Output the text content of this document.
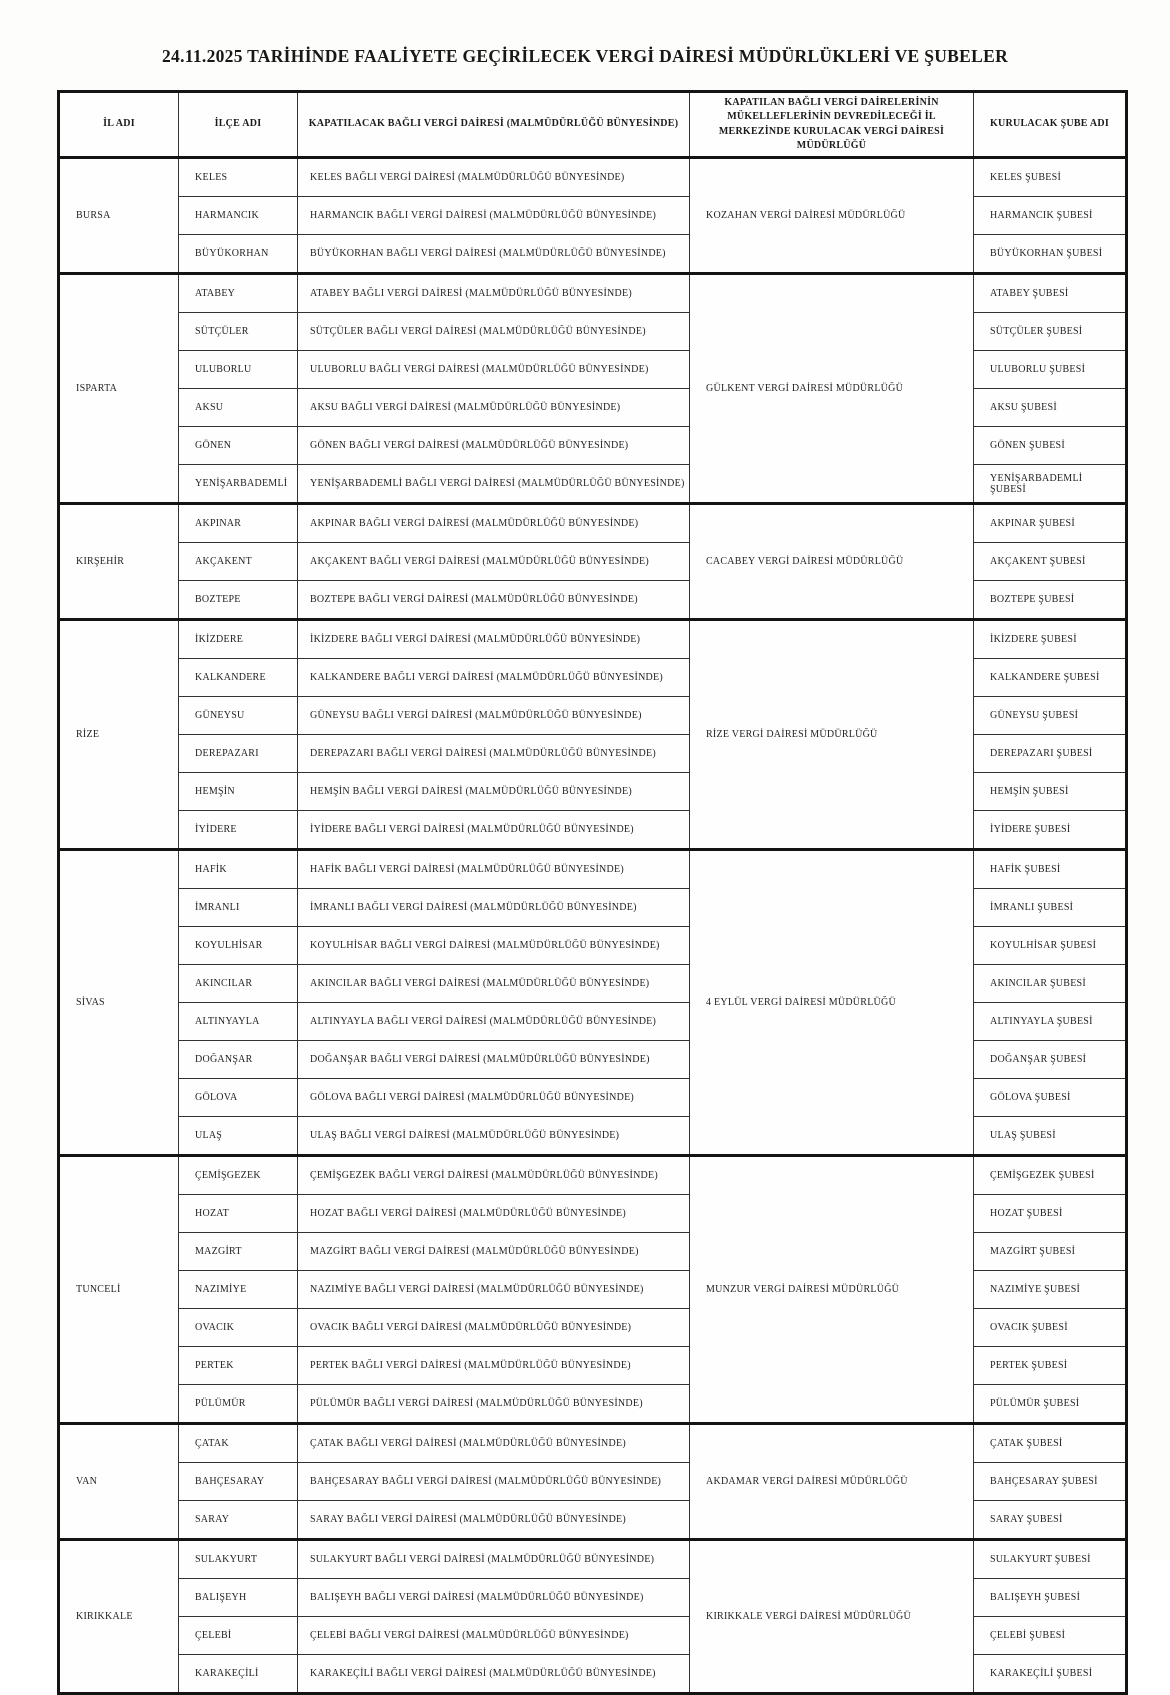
24.11.2025 TARİHİNDE FAALİYETE GEÇİRİLECEK VERGİ DAİRESİ MÜDÜRLÜKLERİ VE ŞUBELER
İL ADI	İLÇE ADI	KAPATILACAK BAĞLI VERGİ DAİRESİ (MALMÜDÜRLÜĞÜ BÜNYESİNDE)	KAPATILAN BAĞLI VERGİ DAİRELERİNİN MÜKELLEFLERİNİN DEVREDİLECEĞİ İL MERKEZİNDE KURULACAK VERGİ DAİRESİ MÜDÜRLÜĞÜ	KURULACAK ŞUBE ADI
BURSA	KELES	KELES BAĞLI VERGİ DAİRESİ (MALMÜDÜRLÜĞÜ BÜNYESİNDE)	KOZAHAN VERGİ DAİRESİ MÜDÜRLÜĞÜ	KELES ŞUBESİ
	HARMANCIK	HARMANCIK BAĞLI VERGİ DAİRESİ (MALMÜDÜRLÜĞÜ BÜNYESİNDE)		HARMANCIK ŞUBESİ
	BÜYÜKORHAN	BÜYÜKORHAN BAĞLI VERGİ DAİRESİ (MALMÜDÜRLÜĞÜ BÜNYESİNDE)		BÜYÜKORHAN ŞUBESİ
ISPARTA	ATABEY	ATABEY BAĞLI VERGİ DAİRESİ (MALMÜDÜRLÜĞÜ BÜNYESİNDE)	GÜLKENT VERGİ DAİRESİ MÜDÜRLÜĞÜ	ATABEY ŞUBESİ
	SÜTÇÜLER	SÜTÇÜLER BAĞLI VERGİ DAİRESİ (MALMÜDÜRLÜĞÜ BÜNYESİNDE)		SÜTÇÜLER ŞUBESİ
	ULUBORLU	ULUBORLU BAĞLI VERGİ DAİRESİ (MALMÜDÜRLÜĞÜ BÜNYESİNDE)		ULUBORLU ŞUBESİ
	AKSU	AKSU BAĞLI VERGİ DAİRESİ (MALMÜDÜRLÜĞÜ BÜNYESİNDE)		AKSU ŞUBESİ
	GÖNEN	GÖNEN BAĞLI VERGİ DAİRESİ (MALMÜDÜRLÜĞÜ BÜNYESİNDE)		GÖNEN ŞUBESİ
	YENİŞARBADEMLİ	YENİŞARBADEMLİ BAĞLI VERGİ DAİRESİ (MALMÜDÜRLÜĞÜ BÜNYESİNDE)		YENİŞARBADEMLİ ŞUBESİ
KIRŞEHİR	AKPINAR	AKPINAR BAĞLI VERGİ DAİRESİ (MALMÜDÜRLÜĞÜ BÜNYESİNDE)	CACABEY VERGİ DAİRESİ MÜDÜRLÜĞÜ	AKPINAR ŞUBESİ
	AKÇAKENT	AKÇAKENT BAĞLI VERGİ DAİRESİ (MALMÜDÜRLÜĞÜ BÜNYESİNDE)		AKÇAKENT ŞUBESİ
	BOZTEPE	BOZTEPE BAĞLI VERGİ DAİRESİ (MALMÜDÜRLÜĞÜ BÜNYESİNDE)		BOZTEPE ŞUBESİ
RİZE	İKİZDERE	İKİZDERE BAĞLI VERGİ DAİRESİ (MALMÜDÜRLÜĞÜ BÜNYESİNDE)	RİZE VERGİ DAİRESİ MÜDÜRLÜĞÜ	İKİZDERE ŞUBESİ
	KALKANDERE	KALKANDERE BAĞLI VERGİ DAİRESİ (MALMÜDÜRLÜĞÜ BÜNYESİNDE)		KALKANDERE ŞUBESİ
	GÜNEYSU	GÜNEYSU BAĞLI VERGİ DAİRESİ (MALMÜDÜRLÜĞÜ BÜNYESİNDE)		GÜNEYSU ŞUBESİ
	DEREPAZARI	DEREPAZARI BAĞLI VERGİ DAİRESİ (MALMÜDÜRLÜĞÜ BÜNYESİNDE)		DEREPAZARI ŞUBESİ
	HEMŞİN	HEMŞİN BAĞLI VERGİ DAİRESİ (MALMÜDÜRLÜĞÜ BÜNYESİNDE)		HEMŞİN ŞUBESİ
	İYİDERE	İYİDERE BAĞLI VERGİ DAİRESİ (MALMÜDÜRLÜĞÜ BÜNYESİNDE)		İYİDERE ŞUBESİ
SİVAS	HAFİK	HAFİK BAĞLI VERGİ DAİRESİ (MALMÜDÜRLÜĞÜ BÜNYESİNDE)	4 EYLÜL VERGİ DAİRESİ MÜDÜRLÜĞÜ	HAFİK ŞUBESİ
	İMRANLI	İMRANLI BAĞLI VERGİ DAİRESİ (MALMÜDÜRLÜĞÜ BÜNYESİNDE)		İMRANLI ŞUBESİ
	KOYULHİSAR	KOYULHİSAR BAĞLI VERGİ DAİRESİ (MALMÜDÜRLÜĞÜ BÜNYESİNDE)		KOYULHİSAR ŞUBESİ
	AKINCILAR	AKINCILAR BAĞLI VERGİ DAİRESİ (MALMÜDÜRLÜĞÜ BÜNYESİNDE)		AKINCILAR ŞUBESİ
	ALTINYAYLA	ALTINYAYLA BAĞLI VERGİ DAİRESİ (MALMÜDÜRLÜĞÜ BÜNYESİNDE)		ALTINYAYLA ŞUBESİ
	DOĞANŞAR	DOĞANŞAR BAĞLI VERGİ DAİRESİ (MALMÜDÜRLÜĞÜ BÜNYESİNDE)		DOĞANŞAR ŞUBESİ
	GÖLOVA	GÖLOVA BAĞLI VERGİ DAİRESİ (MALMÜDÜRLÜĞÜ BÜNYESİNDE)		GÖLOVA ŞUBESİ
	ULAŞ	ULAŞ BAĞLI VERGİ DAİRESİ (MALMÜDÜRLÜĞÜ BÜNYESİNDE)		ULAŞ ŞUBESİ
TUNCELİ	ÇEMİŞGEZEK	ÇEMİŞGEZEK BAĞLI VERGİ DAİRESİ (MALMÜDÜRLÜĞÜ BÜNYESİNDE)	MUNZUR VERGİ DAİRESİ MÜDÜRLÜĞÜ	ÇEMİŞGEZEK ŞUBESİ
	HOZAT	HOZAT BAĞLI VERGİ DAİRESİ (MALMÜDÜRLÜĞÜ BÜNYESİNDE)		HOZAT ŞUBESİ
	MAZGİRT	MAZGİRT BAĞLI VERGİ DAİRESİ (MALMÜDÜRLÜĞÜ BÜNYESİNDE)		MAZGİRT ŞUBESİ
	NAZIMİYE	NAZIMİYE BAĞLI VERGİ DAİRESİ (MALMÜDÜRLÜĞÜ BÜNYESİNDE)		NAZIMİYE ŞUBESİ
	OVACIK	OVACIK BAĞLI VERGİ DAİRESİ (MALMÜDÜRLÜĞÜ BÜNYESİNDE)		OVACIK ŞUBESİ
	PERTEK	PERTEK BAĞLI VERGİ DAİRESİ (MALMÜDÜRLÜĞÜ BÜNYESİNDE)		PERTEK ŞUBESİ
	PÜLÜMÜR	PÜLÜMÜR BAĞLI VERGİ DAİRESİ (MALMÜDÜRLÜĞÜ BÜNYESİNDE)		PÜLÜMÜR ŞUBESİ
VAN	ÇATAK	ÇATAK BAĞLI VERGİ DAİRESİ (MALMÜDÜRLÜĞÜ BÜNYESİNDE)	AKDAMAR VERGİ DAİRESİ MÜDÜRLÜĞÜ	ÇATAK ŞUBESİ
	BAHÇESARAY	BAHÇESARAY BAĞLI VERGİ DAİRESİ (MALMÜDÜRLÜĞÜ BÜNYESİNDE)		BAHÇESARAY ŞUBESİ
	SARAY	SARAY BAĞLI VERGİ DAİRESİ (MALMÜDÜRLÜĞÜ BÜNYESİNDE)		SARAY ŞUBESİ
KIRIKKALE	SULAKYURT	SULAKYURT BAĞLI VERGİ DAİRESİ (MALMÜDÜRLÜĞÜ BÜNYESİNDE)	KIRIKKALE VERGİ DAİRESİ MÜDÜRLÜĞÜ	SULAKYURT ŞUBESİ
	BALIŞEYH	BALIŞEYH BAĞLI VERGİ DAİRESİ (MALMÜDÜRLÜĞÜ BÜNYESİNDE)		BALIŞEYH ŞUBESİ
	ÇELEBİ	ÇELEBİ BAĞLI VERGİ DAİRESİ (MALMÜDÜRLÜĞÜ BÜNYESİNDE)		ÇELEBİ ŞUBESİ
	KARAKEÇİLİ	KARAKEÇİLİ BAĞLI VERGİ DAİRESİ (MALMÜDÜRLÜĞÜ BÜNYESİNDE)		KARAKEÇİLİ ŞUBESİ
